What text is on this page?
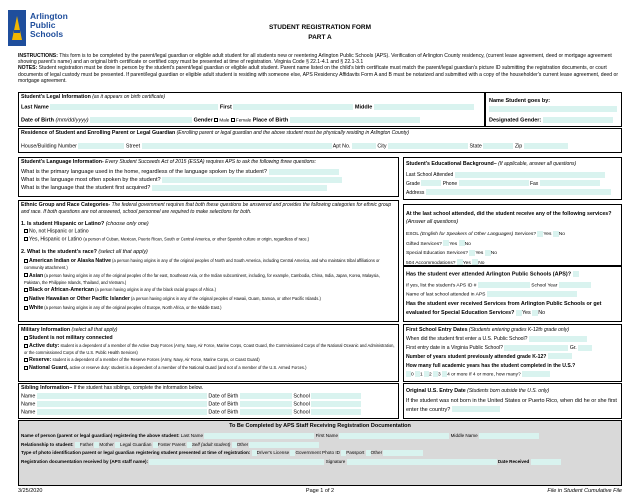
Arlington
Public
Schools
STUDENT REGISTRATION FORM
PART A
INSTRUCTIONS: This form is to be completed by the parent/legal guardian or eligible adult student for all students new or reentering Arlington Public Schools (APS). Verification of Arlington County residency, (current lease agreement, deed or mortgage agreement showing parent's name) and an original birth certificate or certified copy must be presented at time of registration. Virginia Code § 22.1-4.1 and § 22.1-3.1
NOTES: Student registration must be done in person by the student's parent/legal guardian or eligible adult student. Parent name listed on the child's birth certificate must match the parent/legal guardian's picture ID submitting the registration documents, or court documents of legal custody must be presented. If parent/legal guardian or eligible adult student is residing with someone else, APS Residency Affidavits Form A and B must be notarized and submitted with a copy of the householder's current lease agreement, deed or mortgage agreement.
Student's Legal Information (as it appears on birth certificate)
Last Name	First	Middle
Date of Birth (mm/dd/yyyy)	Gender Male Female Place of Birth
Name Student goes by:
Designated Gender:
Residence of Student and Enrolling Parent or Legal Guardian (Enrolling parent or legal guardian and the above student must be physically residing in Arlington County)
House/Building Number	Street	Apt No.	City	State	Zip
Student's Language Information- Every Student Succeeds Act of 2015 (ESSA) requires APS to ask the following three questions:
What is the primary language used in the home, regardless of the language spoken by the student?
What is the language most often spoken by the student?
What is the language that the student first acquired?
Student's Educational Background– (If applicable, answer all questions)
Last School Attended
Grade	Phone	Fax
Address
Ethnic Group and Race Categories- The federal government requires that both these questions be answered and provides the following categories for ethnic group and race. If both questions are not answered, school personnel are required to make selections for both.
1. Is student Hispanic or Latino? (choose only one)
No, not Hispanic or Latino
Yes, Hispanic or Latino (a person of Cuban, Mexican, Puerto Rican, South or Central America, or other Spanish culture or origin, regardless of race.)
2. What is the student's race? (select all that apply)
American Indian or Alaska Native (a person having origins in any of the original peoples of North and South America, including Central America, and who maintains tribal affiliations or community attachment.)
Asian (a person having origins in any of the original peoples of the far east, Southeast Asia, or the Indian subcontinent, including, for example, Cambodia, China, India, Japan, Korea, Malaysia, Pakistan, the Philippine Islands, Thailand, and Vietnam.)
Black or African-American (a person having origins in any of the black racial groups of Africa.)
Native Hawaiian or Other Pacific Islander (a person having origins in any of the original peoples of Hawaii, Guam, Samoa, or other Pacific Islands.)
White (a person having origins in any of the original peoples of Europe, North Africa, or the Middle East.)
At the last school attended, did the student receive any of the following services?
(Answer all questions)
ESOL (English for Speakers of Other Languages) Services? Yes No
Gifted Services? Yes No
Special Education Services? Yes No
504 Accommodations? Yes No
Has the student ever attended Arlington Public Schools (APS)?
If yes, list the student's APS ID #	School Year
Name of last school attended in APS
Has the student ever received Services from Arlington Public Schools or get evaluated for Special Education Services? Yes No
Military Information (select all that apply)
Student is not military connected
Active duty: student is a dependent of a member of the Active Duty Forces (Army, Navy, Air Force, Marine Corps, Coast Guard, the Commissioned Corps of the National Oceanic and Administration, or the commissioned Corps of the U.S. Public Health Services)
Reserve: student is a dependent of a member of the Reserve Forces (Army, Navy, Air Force, Marine Corps, or Coast Guard)
National Guard, active or reserve duty: student is a dependent of a member of the National Guard (and not of a member of the U.S. Armed Forces.)
First School Entry Dates (Students entering grades K-12th grade only)
When did the student first enter a U.S. Public School?
First entry date in a Virginia Public School?	Gr.
Number of years student previously attended grade K-12?
How many full academic years has the student completed in the U.S.?
0 1 2 3 4 or more If 4 or more, how many?
Sibling Information– If the student has siblings, complete the information below.
Name	Date of Birth	School
Name	Date of Birth	School
Name	Date of Birth	School
Original U.S. Entry Date (Students born outside the U.S. only)
If the student was not born in the United States or Puerto Rico, when did he or she first enter the country?
To Be Completed by APS Staff Receiving Registration Documentation
Name of person (parent or legal guardian) registering the above student: Last Name	First Name	Middle Name
Relationship to student: Father Mother Legal Guardian Foster Parent Self (adult student) Other
Type of photo identification parent or legal guardian registering student presented at time of registration: Driver's License Government Photo ID Passport Other
Registration documentation received by (APS staff name):	Signature	Date Received
3/25/2020	Page 1 of 2	File in Student Cumulative File
